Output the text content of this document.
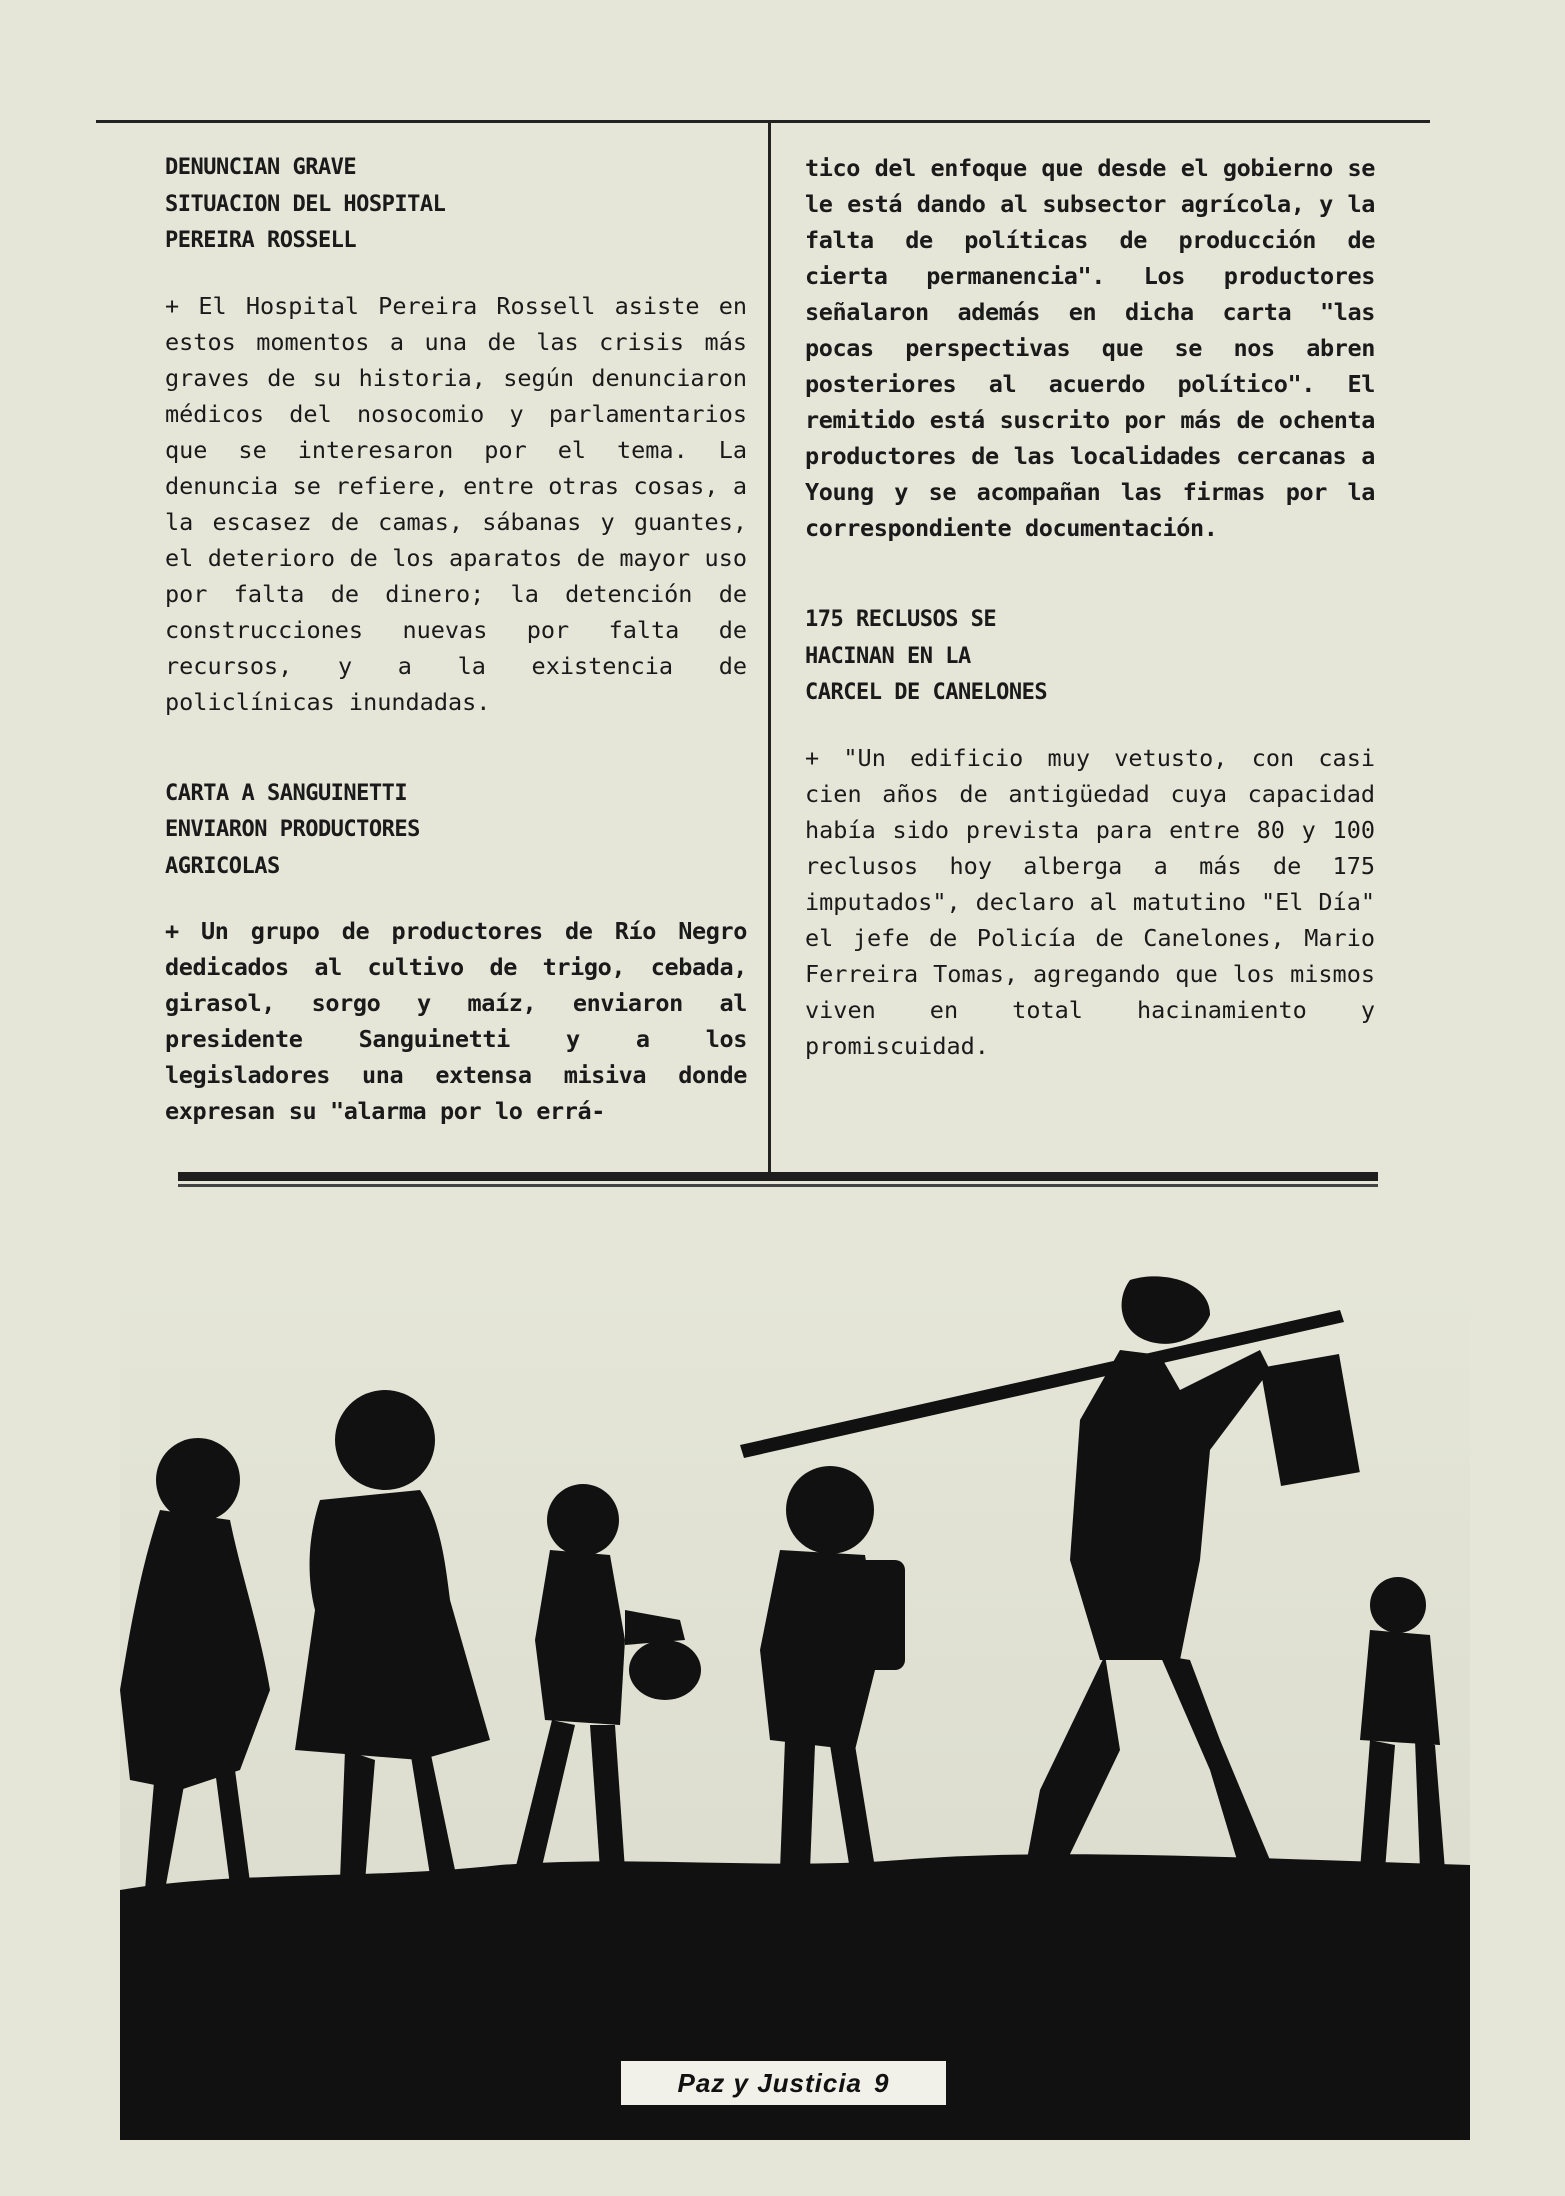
DENUNCIAN GRAVE
SITUACION DEL HOSPITAL
PEREIRA ROSSELL

+ El Hospital Pereira Rossell asiste en estos momentos a una de las crisis más graves de su historia, según denunciaron médicos del nosocomio y parlamentarios que se interesaron por el tema. La denuncia se refiere, entre otras cosas, a la escasez de camas, sábanas y guantes, el deterioro de los aparatos de mayor uso por falta de dinero; la detención de construcciones nuevas por falta de recursos, y a la existencia de policlínicas inundadas.

CARTA A SANGUINETTI
ENVIARON PRODUCTORES
AGRICOLAS

+ Un grupo de productores de Río Negro dedicados al cultivo de trigo, cebada, girasol, sorgo y maíz, enviaron al presidente Sanguinetti y a los legisladores una extensa misiva donde expresan su "alarma por lo errá-

tico del enfoque que desde el gobierno se le está dando al subsector agrícola, y la falta de políticas de producción de cierta permanencia". Los productores señalaron además en dicha carta "las pocas perspectivas que se nos abren posteriores al acuerdo político". El remitido está suscrito por más de ochenta productores de las localidades cercanas a Young y se acompañan las firmas por la correspondiente documentación.

175 RECLUSOS SE
HACINAN EN LA
CARCEL DE CANELONES

+ "Un edificio muy vetusto, con casi cien años de antigüedad cuya capacidad había sido prevista para entre 80 y 100 reclusos hoy alberga a más de 175 imputados", declaro al matutino "El Día" el jefe de Policía de Canelones, Mario Ferreira Tomas, agregando que los mismos viven en total hacinamiento y promiscuidad.

Paz y Justicia 9
